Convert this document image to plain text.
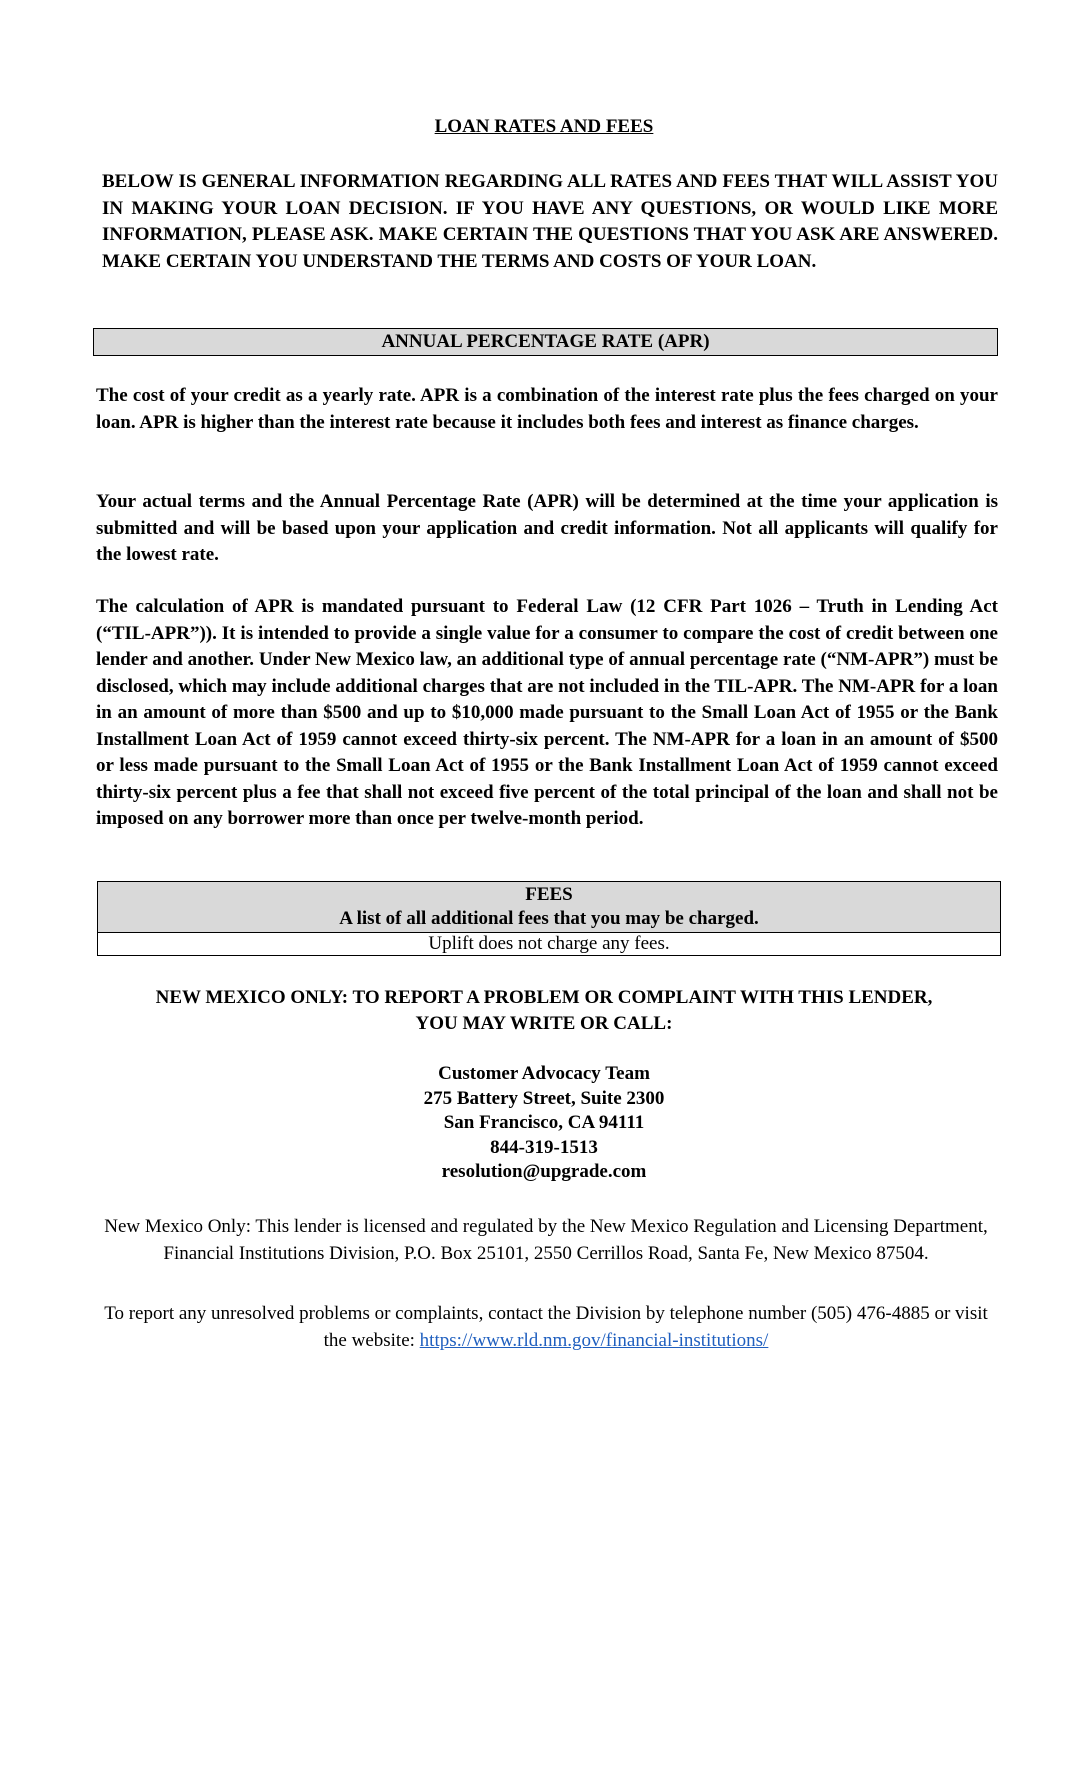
LOAN RATES AND FEES
BELOW IS GENERAL INFORMATION REGARDING ALL RATES AND FEES THAT WILL ASSIST YOU IN MAKING YOUR LOAN DECISION. IF YOU HAVE ANY QUESTIONS, OR WOULD LIKE MORE INFORMATION, PLEASE ASK. MAKE CERTAIN THE QUESTIONS THAT YOU ASK ARE ANSWERED. MAKE CERTAIN YOU UNDERSTAND THE TERMS AND COSTS OF YOUR LOAN.
ANNUAL PERCENTAGE RATE (APR)
The cost of your credit as a yearly rate. APR is a combination of the interest rate plus the fees charged on your loan. APR is higher than the interest rate because it includes both fees and interest as finance charges.
Your actual terms and the Annual Percentage Rate (APR) will be determined at the time your application is submitted and will be based upon your application and credit information. Not all applicants will qualify for the lowest rate.
The calculation of APR is mandated pursuant to Federal Law (12 CFR Part 1026 – Truth in Lending Act (“TIL-APR”)). It is intended to provide a single value for a consumer to compare the cost of credit between one lender and another. Under New Mexico law, an additional type of annual percentage rate (“NM-APR”) must be disclosed, which may include additional charges that are not included in the TIL-APR. The NM-APR for a loan in an amount of more than $500 and up to $10,000 made pursuant to the Small Loan Act of 1955 or the Bank Installment Loan Act of 1959 cannot exceed thirty-six percent. The NM-APR for a loan in an amount of $500 or less made pursuant to the Small Loan Act of 1955 or the Bank Installment Loan Act of 1959 cannot exceed thirty-six percent plus a fee that shall not exceed five percent of the total principal of the loan and shall not be imposed on any borrower more than once per twelve-month period.
FEES
A list of all additional fees that you may be charged.

Uplift does not charge any fees.
NEW MEXICO ONLY: TO REPORT A PROBLEM OR COMPLAINT WITH THIS LENDER,
YOU MAY WRITE OR CALL:
Customer Advocacy Team
275 Battery Street, Suite 2300
San Francisco, CA 94111
844-319-1513
resolution@upgrade.com
New Mexico Only: This lender is licensed and regulated by the New Mexico Regulation and Licensing Department, Financial Institutions Division, P.O. Box 25101, 2550 Cerrillos Road, Santa Fe, New Mexico 87504.
To report any unresolved problems or complaints, contact the Division by telephone number (505) 476-4885 or visit the website: https://www.rld.nm.gov/financial-institutions/
